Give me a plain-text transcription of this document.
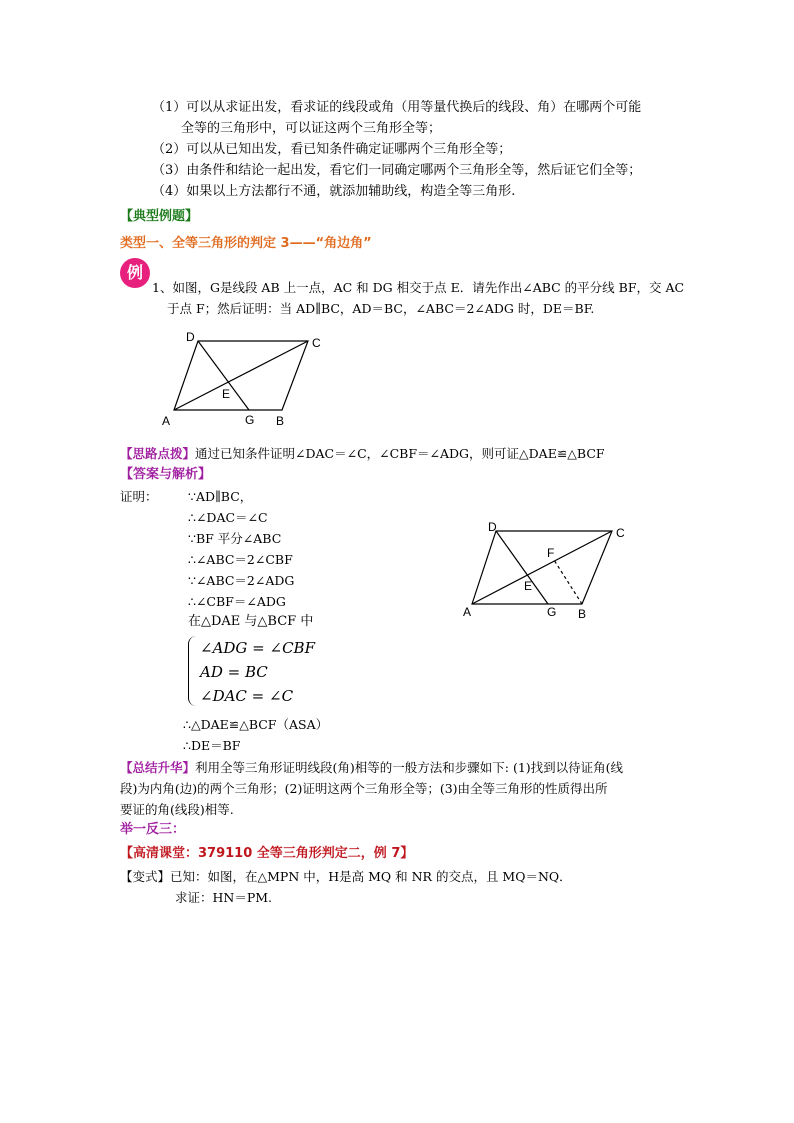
（1）可以从求证出发，看求证的线段或角（用等量代换后的线段、角）在哪两个可能
全等的三角形中，可以证这两个三角形全等；
（2）可以从已知出发，看已知条件确定证哪两个三角形全等；
（3）由条件和结论一起出发，看它们一同确定哪两个三角形全等，然后证它们全等；
（4）如果以上方法都行不通，就添加辅助线，构造全等三角形.
【典型例题】
类型一、全等三角形的判定 3——“角边角”
例
1、如图，G是线段 AB 上一点，AC 和 DG 相交于点 E．请先作出∠ABC 的平分线 BF，交 AC
于点 F；然后证明：当 AD∥BC，AD＝BC，∠ABC＝2∠ADG 时，DE＝BF.
D	C
E
A	G B
【思路点拨】通过已知条件证明∠DAC＝∠C，∠CBF＝∠ADG，则可证△DAE≌△BCF
【答案与解析】
证明： ∵AD∥BC，
∴∠DAC＝∠C
∵BF 平分∠ABC
∴∠ABC＝2∠CBF
∵∠ABC＝2∠ADG
∴∠CBF＝∠ADG
在△DAE 与△BCF 中
∠ADG = ∠CBF
AD = BC
∠DAC = ∠C
∴△DAE≌△BCF（ASA）
∴DE＝BF
D	C
F
E
A	G B
【总结升华】利用全等三角形证明线段(角)相等的一般方法和步骤如下: (1)找到以待证角(线
段)为内角(边)的两个三角形；(2)证明这两个三角形全等；(3)由全等三角形的性质得出所
要证的角(线段)相等.
举一反三：
【高清课堂：379110 全等三角形判定二，例 7】
【变式】已知：如图，在△MPN 中，H是高 MQ 和 NR 的交点，且 MQ＝NQ．
求证：HN＝PM.
